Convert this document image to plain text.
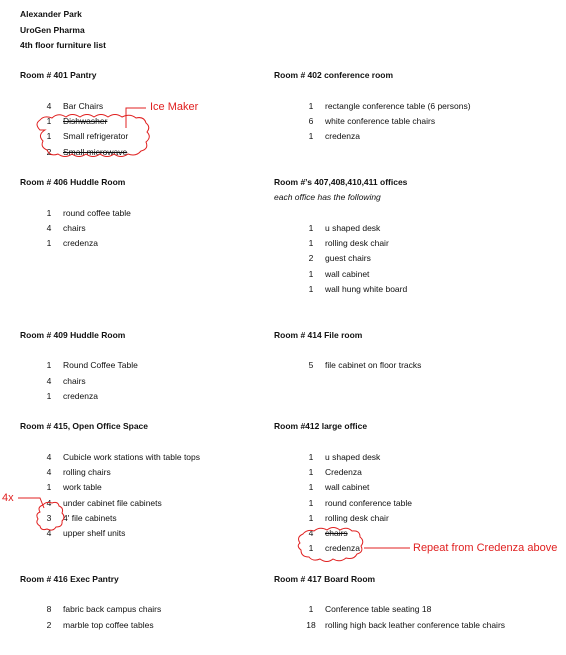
Alexander Park
UroGen Pharma
4th floor furniture list
Room # 401 Pantry
4	Bar Chairs
1	Dishwasher
1	Small refrigerator
2	Small microwave
Room # 402 conference room
1	rectangle conference table (6 persons)
6	white conference table chairs
1	credenza
Room # 406 Huddle Room
1	round coffee table
4	chairs
1	credenza
Room #’s 407,408,410,411 offices
each office has the following
1	u shaped desk
1	rolling desk chair
2	guest chairs
1	wall cabinet
1	wall hung white board
Room # 409 Huddle Room
1	Round Coffee Table
4	chairs
1	credenza
Room # 414 File room
5	file cabinet on floor tracks
Room # 415, Open Office Space
4	Cubicle work stations with table tops
4	rolling chairs
1	work table
4	under cabinet file cabinets
3	4' file cabinets
4	upper shelf units
Room #412 large office
1	u shaped desk
1	Credenza
1	wall cabinet
1	round conference table
1	rolling desk chair
4	chairs
1	credenza
Room # 416 Exec Pantry
8	fabric back campus chairs
2	marble top coffee tables
Room # 417 Board Room
1	Conference table seating 18
18 rolling high back leather conference table chairs
Ice Maker
4x
Repeat from Credenza above
